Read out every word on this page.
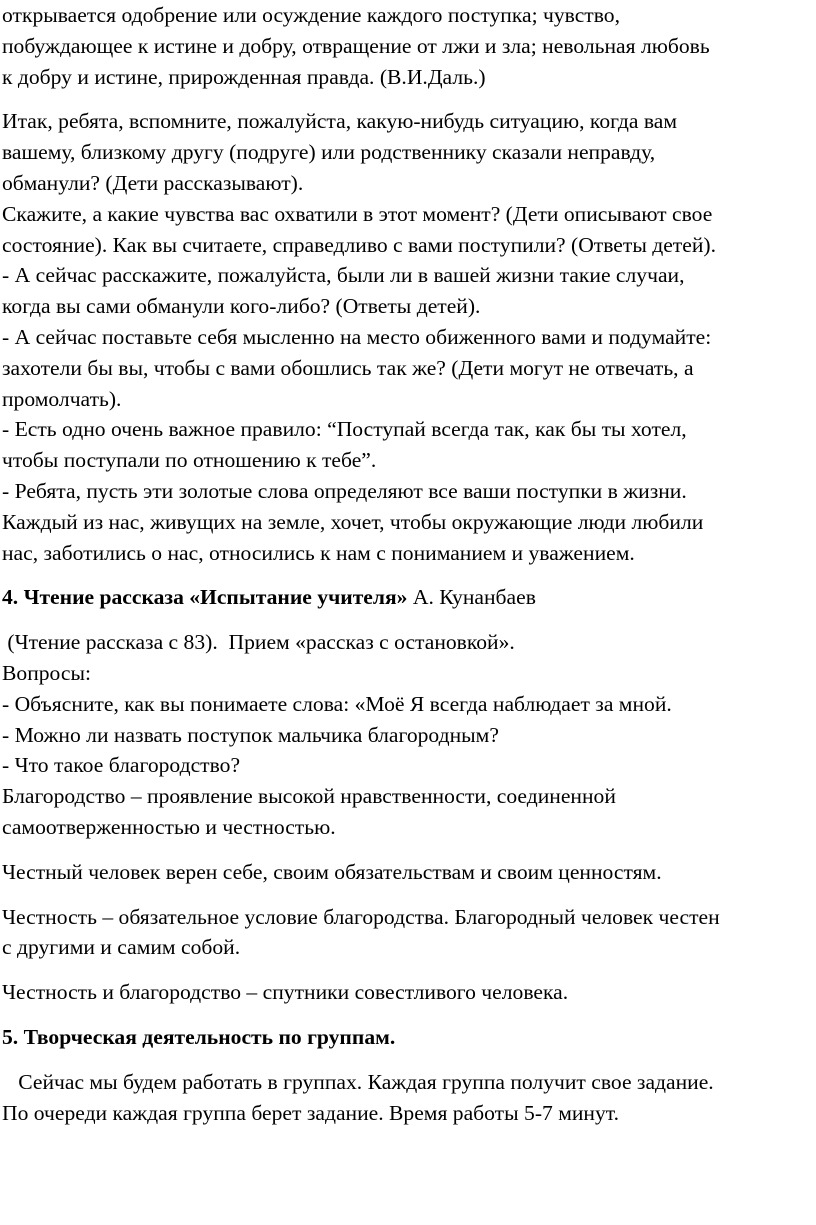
открывается одобрение или осуждение каждого поступка; чувство,
побуждающее к истине и добру, отвращение от лжи и зла; невольная любовь
к добру и истине, прирожденная правда. (В.И.Даль.)
Итак, ребята, вспомните, пожалуйста, какую-нибудь ситуацию, когда вам
вашему, близкому другу (подруге) или родственнику сказали неправду,
обманули? (Дети рассказывают).
Скажите, а какие чувства вас охватили в этот момент? (Дети описывают свое
состояние). Как вы считаете, справедливо с вами поступили? (Ответы детей).
- А сейчас расскажите, пожалуйста, были ли в вашей жизни такие случаи,
когда вы сами обманули кого-либо? (Ответы детей).
- А сейчас поставьте себя мысленно на место обиженного вами и подумайте:
захотели бы вы, чтобы с вами обошлись так же? (Дети могут не отвечать, а
промолчать).
- Есть одно очень важное правило: “Поступай всегда так, как бы ты хотел,
чтобы поступали по отношению к тебе”.
- Ребята, пусть эти золотые слова определяют все ваши поступки в жизни.
Каждый из нас, живущих на земле, хочет, чтобы окружающие люди любили
нас, заботились о нас, относились к нам с пониманием и уважением.
4. Чтение рассказа «Испытание учителя» А. Кунанбаев
(Чтение рассказа с 83).  Прием «рассказ с остановкой».
Вопросы:
- Объясните, как вы понимаете слова: «Моё Я всегда наблюдает за мной.
- Можно ли назвать поступок мальчика благородным?
- Что такое благородство?
Благородство – проявление высокой нравственности, соединенной
самоотверженностью и честностью.
Честный человек верен себе, своим обязательствам и своим ценностям.
Честность – обязательное условие благородства. Благородный человек честен
с другими и самим собой.
Честность и благородство – спутники совестливого человека.
5. Творческая деятельность по группам.
Сейчас мы будем работать в группах. Каждая группа получит свое задание.
По очереди каждая группа берет задание. Время работы 5-7 минут.
